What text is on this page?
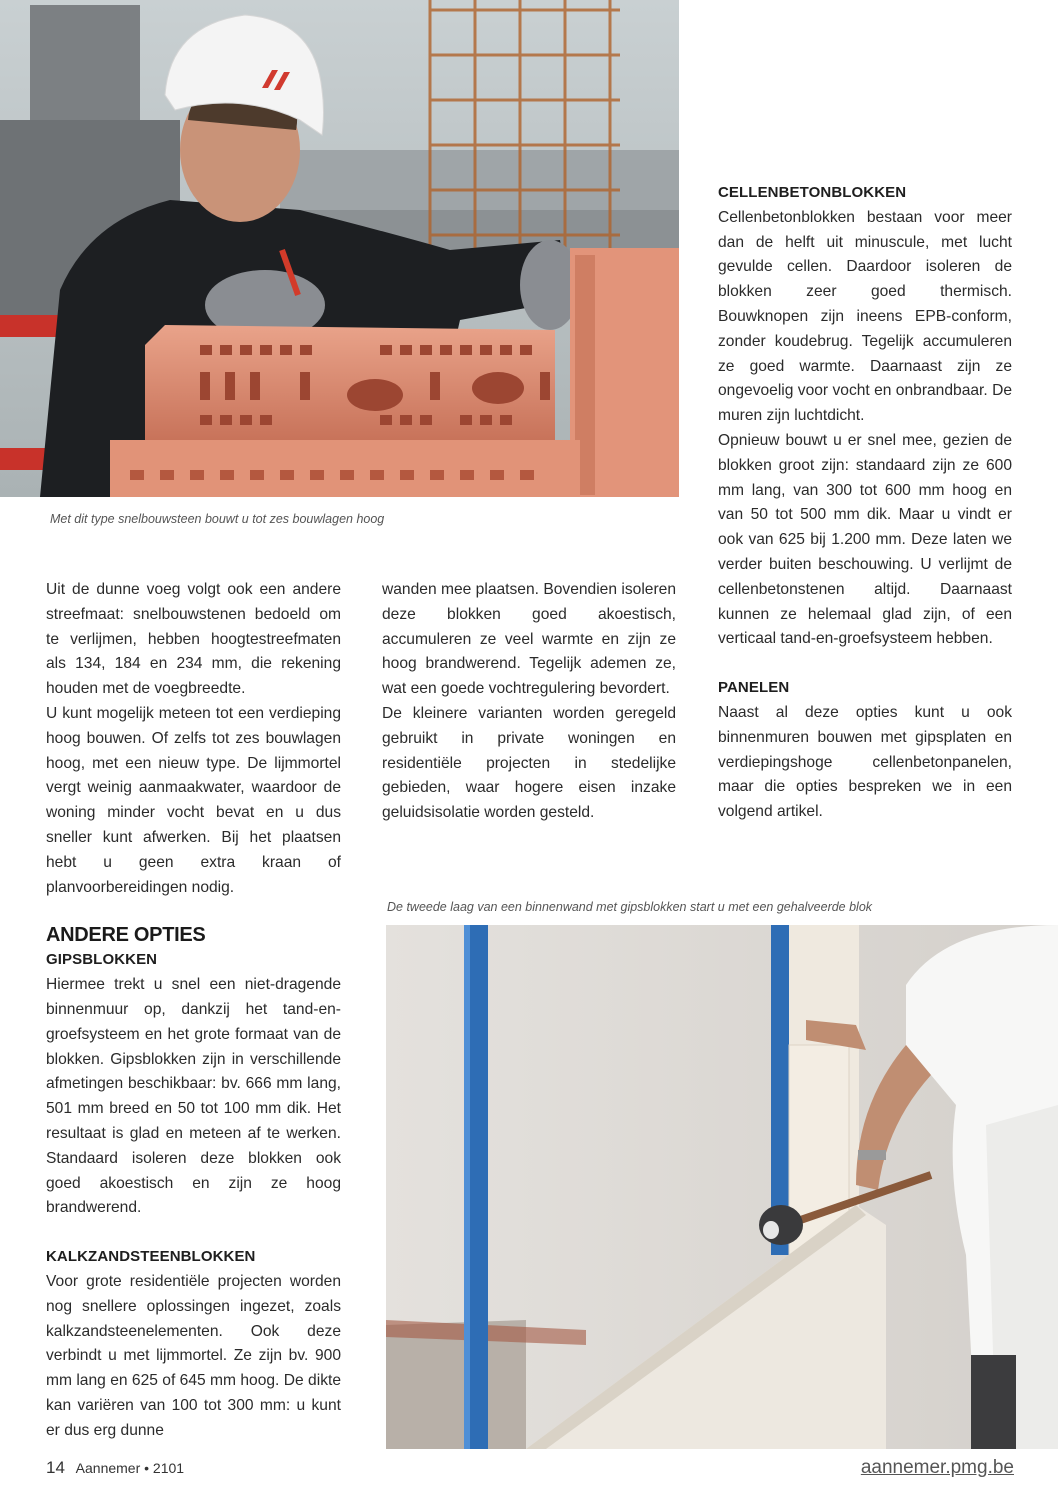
Met dit type snelbouwsteen bouwt u tot zes bouwlagen hoog

Uit de dunne voeg volgt ook een andere streefmaat: snelbouwstenen bedoeld om te verlijmen, hebben hoogtestreefmaten als 134, 184 en 234 mm, die rekening houden met de voegbreedte.

U kunt mogelijk meteen tot een verdieping hoog bouwen. Of zelfs tot zes bouwlagen hoog, met een nieuw type. De lijmmortel vergt weinig aanmaakwater, waardoor de woning minder vocht bevat en u dus sneller kunt afwerken. Bij het plaatsen hebt u geen extra kraan of planvoorbereidingen nodig.

ANDERE OPTIES

GIPSBLOKKEN

Hiermee trekt u snel een niet-dragende binnenmuur op, dankzij het tand-en-groefsysteem en het grote formaat van de blokken. Gipsblokken zijn in verschillende afmetingen beschikbaar: bv. 666 mm lang, 501 mm breed en 50 tot 100 mm dik. Het resultaat is glad en meteen af te werken. Standaard isoleren deze blokken ook goed akoestisch en zijn ze hoog brandwerend.

KALKZANDSTEENBLOKKEN

Voor grote residentiële projecten worden nog snellere oplossingen ingezet, zoals kalkzandsteenelementen. Ook deze verbindt u met lijmmortel. Ze zijn bv. 900 mm lang en 625 of 645 mm hoog. De dikte kan variëren van 100 tot 300 mm: u kunt er dus erg dunne

wanden mee plaatsen. Bovendien isoleren deze blokken goed akoestisch, accumuleren ze veel warmte en zijn ze hoog brandwerend. Tegelijk ademen ze, wat een goede vochtregulering bevordert.

De kleinere varianten worden geregeld gebruikt in private woningen en residentiële projecten in stedelijke gebieden, waar hogere eisen inzake geluidsisolatie worden gesteld.

CELLENBETONBLOKKEN

Cellenbetonblokken bestaan voor meer dan de helft uit minuscule, met lucht gevulde cellen. Daardoor isoleren de blokken zeer goed thermisch. Bouwknopen zijn ineens EPB-conform, zonder koudebrug. Tegelijk accumuleren ze goed warmte. Daarnaast zijn ze ongevoelig voor vocht en onbrandbaar. De muren zijn luchtdicht.

Opnieuw bouwt u er snel mee, gezien de blokken groot zijn: standaard zijn ze 600 mm lang, van 300 tot 600 mm hoog en van 50 tot 500 mm dik. Maar u vindt er ook van 625 bij 1.200 mm. Deze laten we verder buiten beschouwing. U verlijmt de cellenbetonstenen altijd. Daarnaast kunnen ze helemaal glad zijn, of een verticaal tand-en-groefsysteem hebben.

PANELEN

Naast al deze opties kunt u ook binnenmuren bouwen met gipsplaten en verdiepingshoge cellenbetonpanelen, maar die opties bespreken we in een volgend artikel.

De tweede laag van een binnenwand met gipsblokken start u met een gehalveerde blok
14 Aannemer • 2101	aannemer.pmg.be
